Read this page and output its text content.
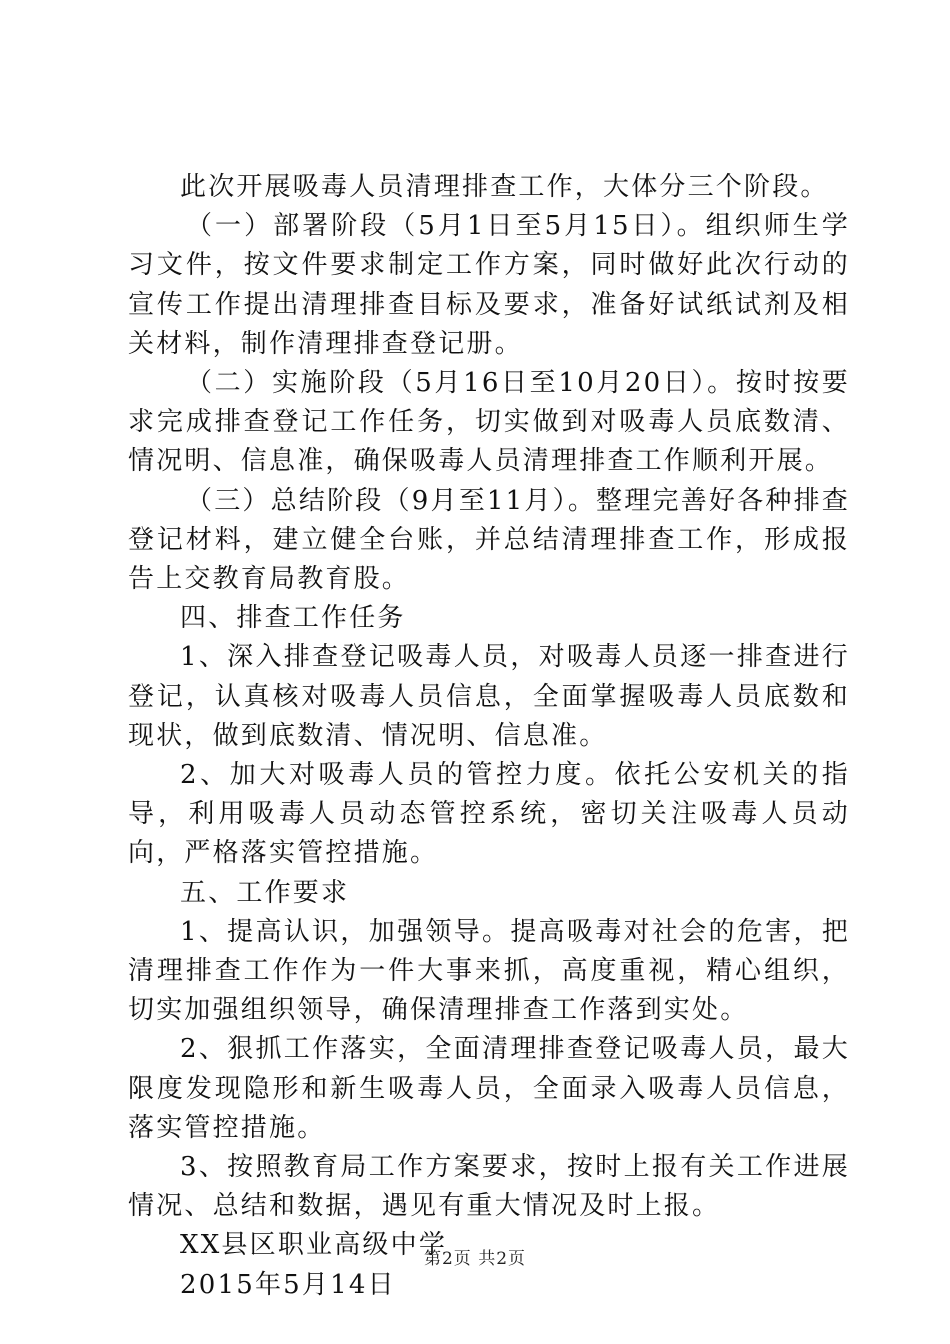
此次开展吸毒人员清理排查工作，大体分三个阶段。

（一）部署阶段（5月1日至5月15日）。组织师生学习文件，按文件要求制定工作方案，同时做好此次行动的宣传工作提出清理排查目标及要求，准备好试纸试剂及相关材料，制作清理排查登记册。

（二）实施阶段（5月16日至10月20日）。按时按要求完成排查登记工作任务，切实做到对吸毒人员底数清、情况明、信息准，确保吸毒人员清理排查工作顺利开展。

（三）总结阶段（9月至11月）。整理完善好各种排查登记材料，建立健全台账，并总结清理排查工作，形成报告上交教育局教育股。

四、排查工作任务

1、深入排查登记吸毒人员，对吸毒人员逐一排查进行登记，认真核对吸毒人员信息，全面掌握吸毒人员底数和现状，做到底数清、情况明、信息准。

2、加大对吸毒人员的管控力度。依托公安机关的指导，利用吸毒人员动态管控系统，密切关注吸毒人员动向，严格落实管控措施。

五、工作要求

1、提高认识，加强领导。提高吸毒对社会的危害，把清理排查工作作为一件大事来抓，高度重视，精心组织，切实加强组织领导，确保清理排查工作落到实处。

2、狠抓工作落实，全面清理排查登记吸毒人员，最大限度发现隐形和新生吸毒人员，全面录入吸毒人员信息，落实管控措施。

3、按照教育局工作方案要求，按时上报有关工作进展情况、总结和数据，遇见有重大情况及时上报。

XX县区职业高级中学

2015年5月14日

第2页 共2页
